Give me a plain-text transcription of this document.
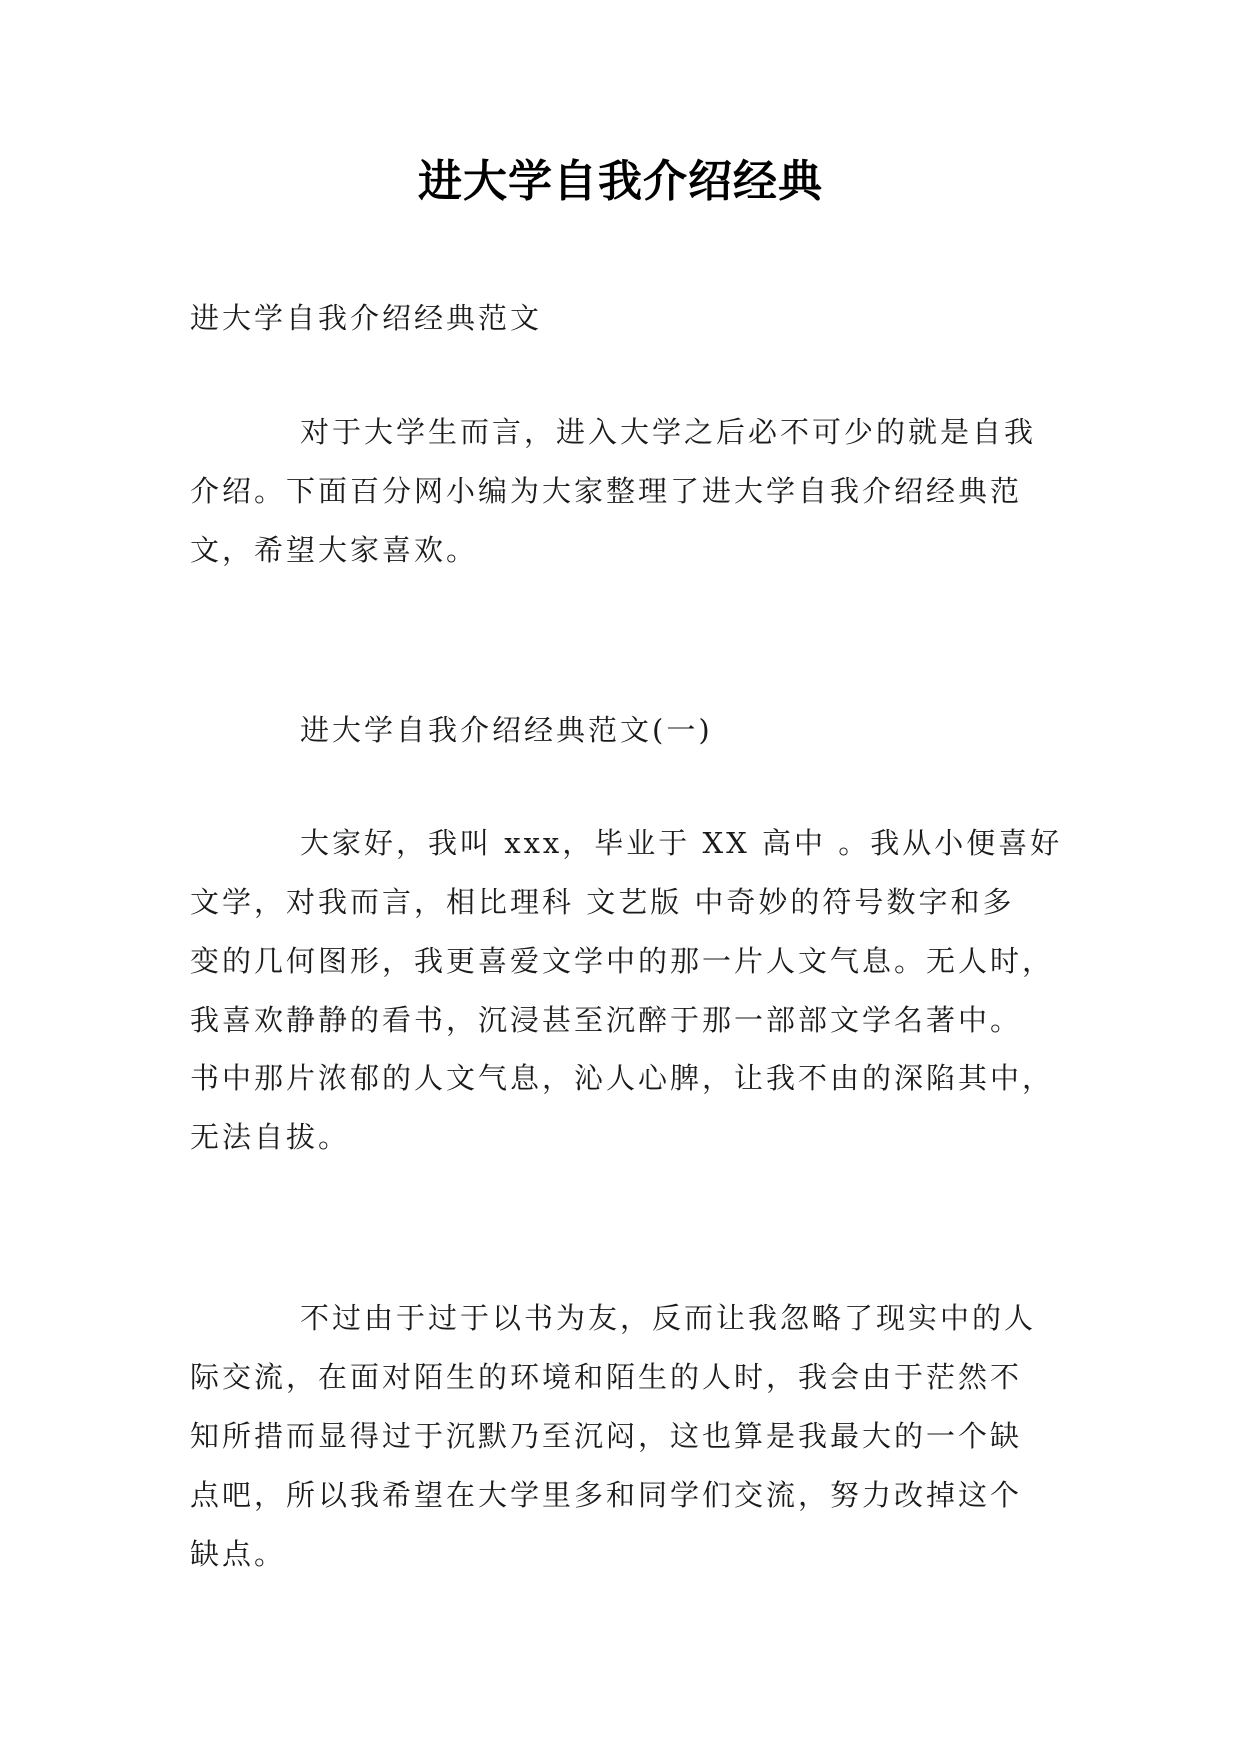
进大学自我介绍经典

进大学自我介绍经典范文

对于大学生而言，进入大学之后必不可少的就是自我

介绍。下面百分网小编为大家整理了进大学自我介绍经典范

文，希望大家喜欢。

进大学自我介绍经典范文(一)

大家好，我叫 xxx，毕业于 XX 高中 。我从小便喜好

文学，对我而言，相比理科 文艺版 中奇妙的符号数字和多

变的几何图形，我更喜爱文学中的那一片人文气息。无人时，

我喜欢静静的看书，沉浸甚至沉醉于那一部部文学名著中。

书中那片浓郁的人文气息，沁人心脾，让我不由的深陷其中，

无法自拔。

不过由于过于以书为友，反而让我忽略了现实中的人

际交流，在面对陌生的环境和陌生的人时，我会由于茫然不

知所措而显得过于沉默乃至沉闷，这也算是我最大的一个缺

点吧，所以我希望在大学里多和同学们交流，努力改掉这个

缺点。
